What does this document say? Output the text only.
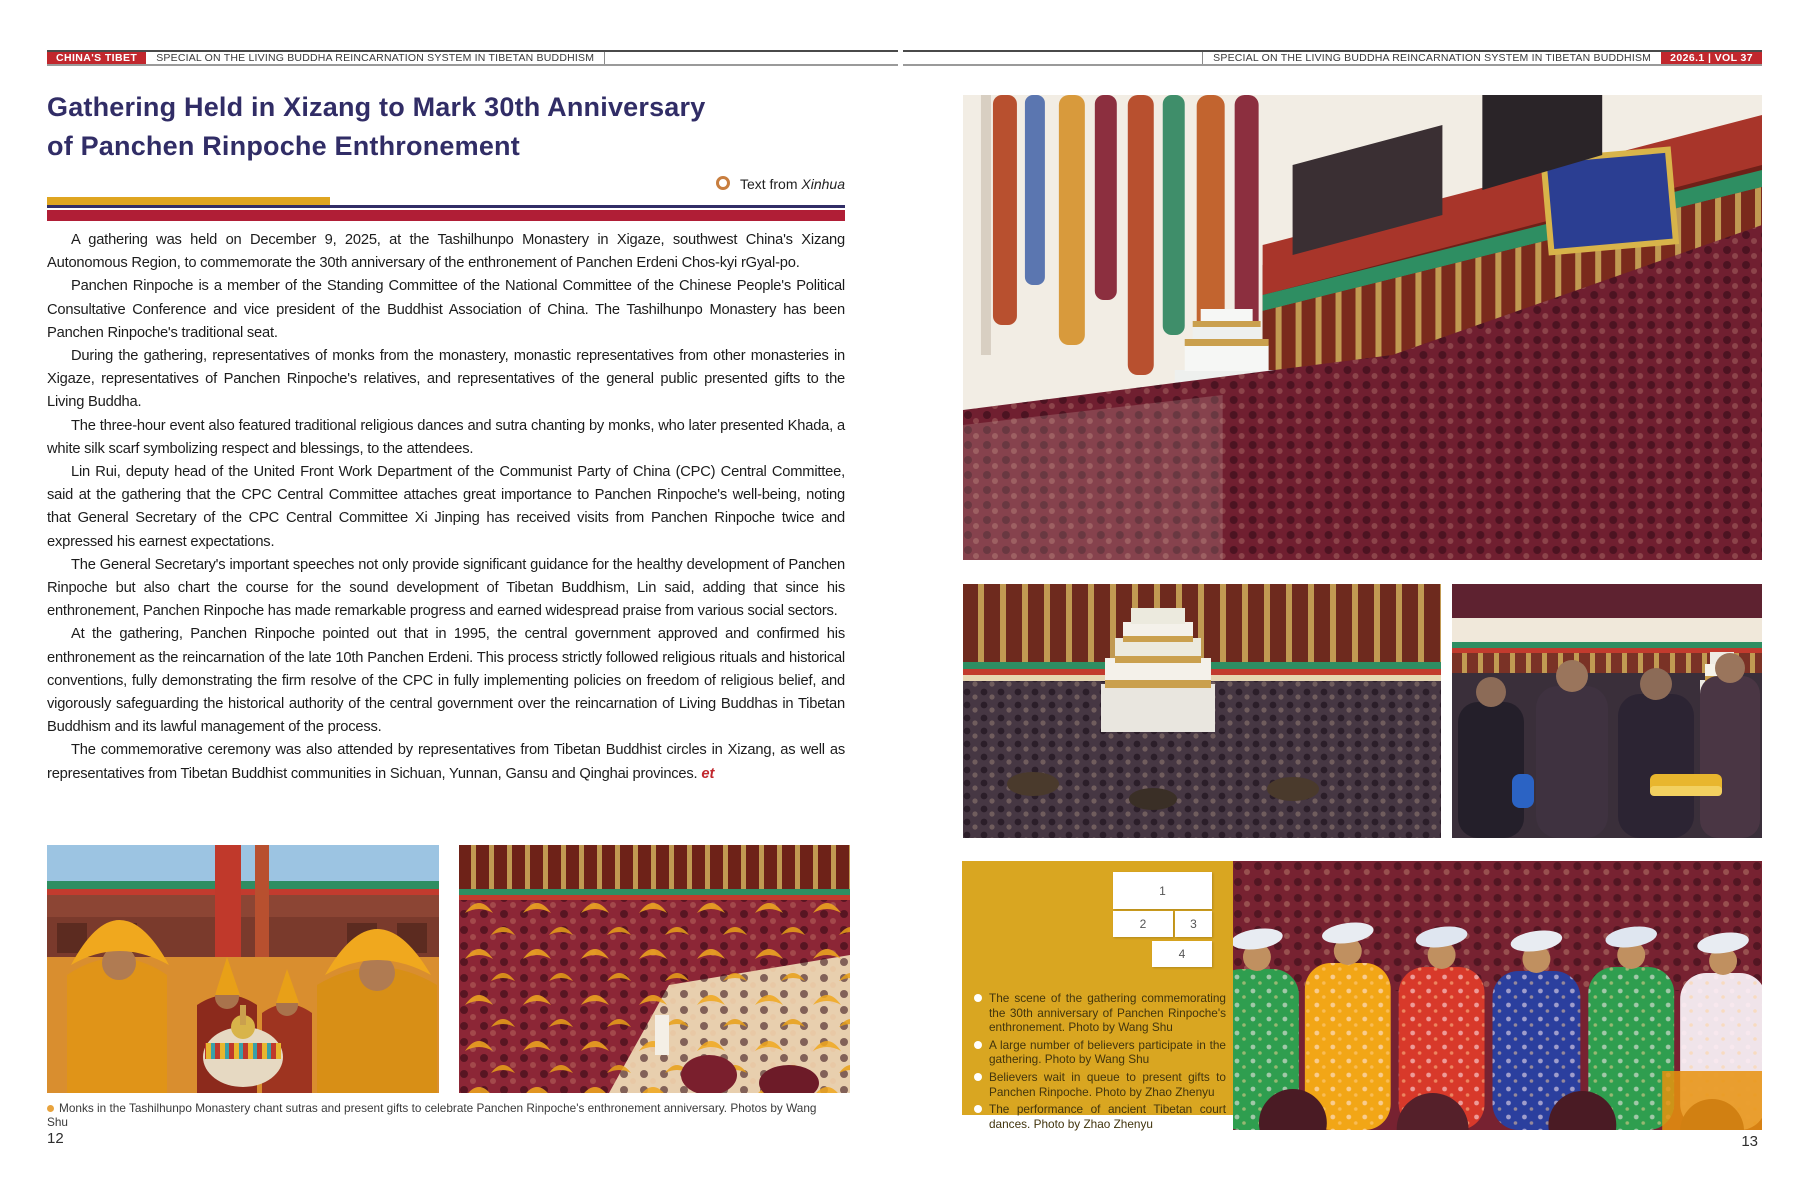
CHINA'S TIBET	SPECIAL ON THE LIVING BUDDHA REINCARNATION SYSTEM IN TIBETAN BUDDHISM	SPECIAL ON THE LIVING BUDDHA REINCARNATION SYSTEM IN TIBETAN BUDDHISM	2026.1 | VOL 37
Gathering Held in Xizang to Mark 30th Anniversary
of Panchen Rinpoche Enthronement
Text from Xinhua

A gathering was held on December 9, 2025, at the Tashilhunpo Monastery in Xigaze, southwest China's Xizang Autonomous Region, to commemorate the 30th anniversary of the enthronement of Panchen Erdeni Chos-kyi rGyal-po.

Panchen Rinpoche is a member of the Standing Committee of the National Committee of the Chinese People's Political Consultative Conference and vice president of the Buddhist Association of China. The Tashilhunpo Monastery has been Panchen Rinpoche's traditional seat.

During the gathering, representatives of monks from the monastery, monastic representatives from other monasteries in Xigaze, representatives of Panchen Rinpoche's relatives, and representatives of the general public presented gifts to the Living Buddha.

The three-hour event also featured traditional religious dances and sutra chanting by monks, who later presented Khada, a white silk scarf symbolizing respect and blessings, to the attendees.

Lin Rui, deputy head of the United Front Work Department of the Communist Party of China (CPC) Central Committee, said at the gathering that the CPC Central Committee attaches great importance to Panchen Rinpoche's well-being, noting that General Secretary of the CPC Central Committee Xi Jinping has received visits from Panchen Rinpoche twice and expressed his earnest expectations.

The General Secretary's important speeches not only provide significant guidance for the healthy development of Panchen Rinpoche but also chart the course for the sound development of Tibetan Buddhism, Lin said, adding that since his enthronement, Panchen Rinpoche has made remarkable progress and earned widespread praise from various social sectors.

At the gathering, Panchen Rinpoche pointed out that in 1995, the central government approved and confirmed his enthronement as the reincarnation of the late 10th Panchen Erdeni. This process strictly followed religious rituals and historical conventions, fully demonstrating the firm resolve of the CPC in fully implementing policies on freedom of religious belief, and vigorously safeguarding the historical authority of the central government over the reincarnation of Living Buddhas in Tibetan Buddhism and its lawful management of the process.

The commemorative ceremony was also attended by representatives from Tibetan Buddhist circles in Xizang, as well as representatives from Tibetan Buddhist communities in Sichuan, Yunnan, Gansu and Qinghai provinces. et

Monks in the Tashilhunpo Monastery chant sutras and present gifts to celebrate Panchen Rinpoche's enthronement anniversary. Photos by Wang Shu
12	13
1
2	3
4
The scene of the gathering commemorating the 30th anniversary of Panchen Rinpoche's enthronement. Photo by Wang Shu
A large number of believers participate in the gathering. Photo by Wang Shu
Believers wait in queue to present gifts to Panchen Rinpoche. Photo by Zhao Zhenyu
The performance of ancient Tibetan court dances. Photo by Zhao Zhenyu
